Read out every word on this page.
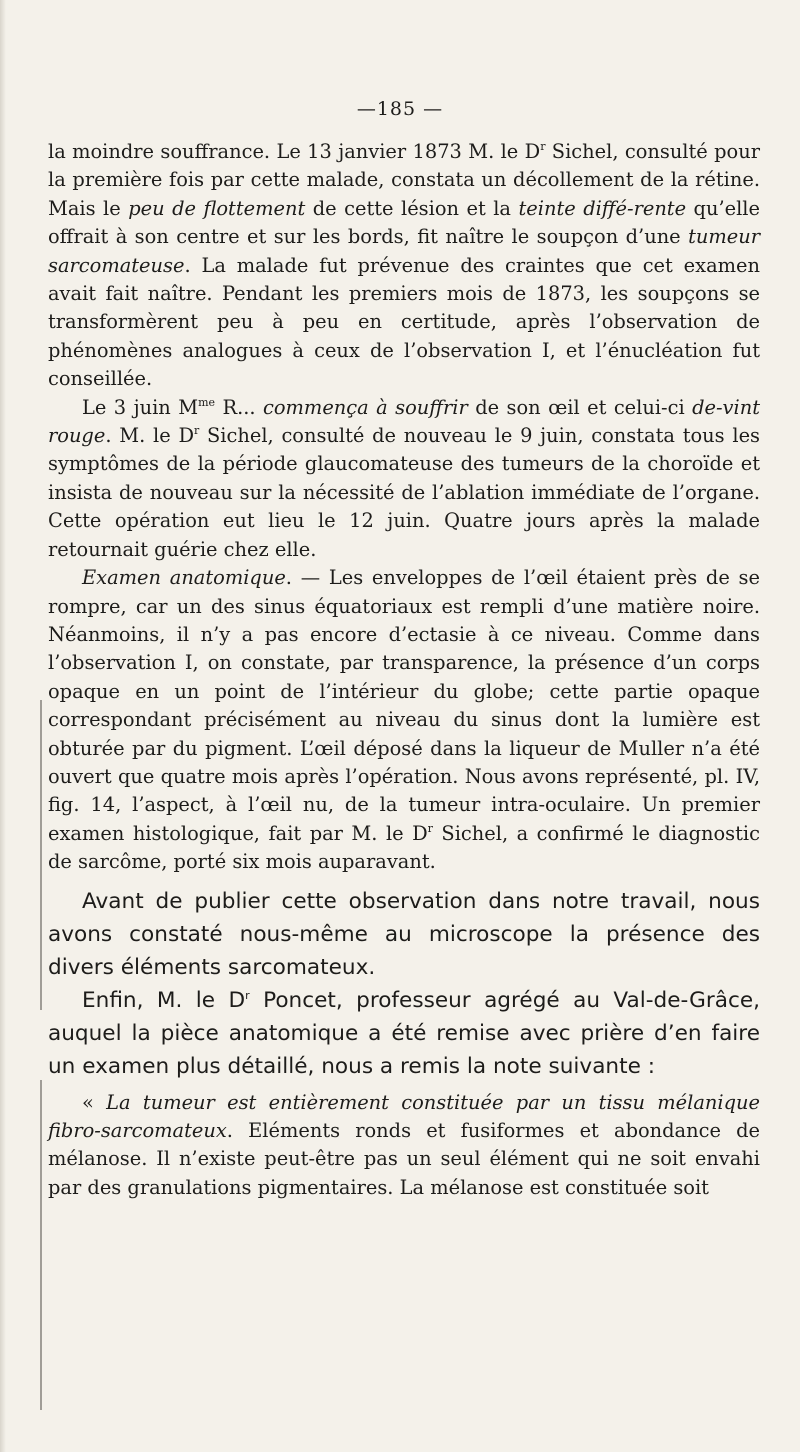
—185 —

la moindre souffrance. Le 13 janvier 1873 M. le $D^r$ Sichel, consulté pour la première fois par cette malade, constata un décollement de la rétine. Mais le peu de flottement de cette lésion et la teinte diffé-rente qu’elle offrait à son centre et sur les bords, fit naître le soupçon d’une tumeur sarcomateuse. La malade fut prévenue des craintes que cet examen avait fait naître. Pendant les premiers mois de 1873, les soupçons se transformèrent peu à peu en certitude, après l’observation de phénomènes analogues à ceux de l’observation I, et l’énucléation fut conseillée.

Le 3 juin $M^{me}$ R... commença à souffrir de son œil et celui-ci de-vint rouge. M. le $D^r$ Sichel, consulté de nouveau le 9 juin, constata tous les symptômes de la période glaucomateuse des tumeurs de la choroïde et insista de nouveau sur la nécessité de l’ablation immédiate de l’organe. Cette opération eut lieu le 12 juin. Quatre jours après la malade retournait guérie chez elle.

Examen anatomique. — Les enveloppes de l’œil étaient près de se rompre, car un des sinus équatoriaux est rempli d’une matière noire. Néanmoins, il n’y a pas encore d’ectasie à ce niveau. Comme dans l’observation I, on constate, par transparence, la présence d’un corps opaque en un point de l’intérieur du globe; cette partie opaque correspondant précisément au niveau du sinus dont la lumière est obturée par du pigment. L’œil déposé dans la liqueur de Muller n’a été ouvert que quatre mois après l’opération. Nous avons représenté, pl. IV, fig. 14, l’aspect, à l’œil nu, de la tumeur intra-oculaire. Un premier examen histologique, fait par M. le $D^r$ Sichel, a confirmé le diagnostic de sarcôme, porté six mois auparavant.

Avant de publier cette observation dans notre travail, nous avons constaté nous-même au microscope la présence des divers éléments sarcomateux.

Enfin, M. le $D^r$ Poncet, professeur agrégé au Val-de-Grâce, auquel la pièce anatomique a été remise avec prière d’en faire un examen plus détaillé, nous a remis la note suivante :

« La tumeur est entièrement constituée par un tissu mélanique fibro-sarcomateux. Eléments ronds et fusiformes et abondance de mélanose. Il n’existe peut-être pas un seul élément qui ne soit envahi par des granulations pigmentaires. La mélanose est constituée soit
